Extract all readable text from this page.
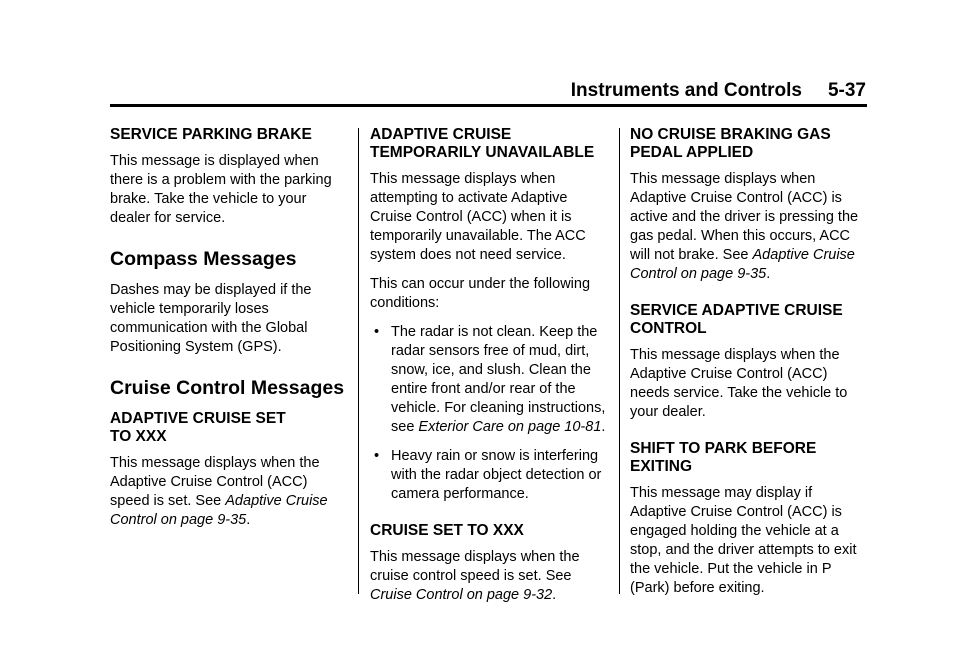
Instruments and Controls 5-37
SERVICE PARKING BRAKE

This message is displayed when there is a problem with the parking brake. Take the vehicle to your dealer for service.

Compass Messages

Dashes may be displayed if the vehicle temporarily loses communication with the Global Positioning System (GPS).

Cruise Control Messages
ADAPTIVE CRUISE SET
TO XXX

This message displays when the Adaptive Cruise Control (ACC) speed is set. See Adaptive Cruise Control on page 9-35.

ADAPTIVE CRUISE
TEMPORARILY UNAVAILABLE

This message displays when attempting to activate Adaptive Cruise Control (ACC) when it is temporarily unavailable. The ACC system does not need service.

This can occur under the following conditions:

• The radar is not clean. Keep the radar sensors free of mud, dirt, snow, ice, and slush. Clean the entire front and/or rear of the vehicle. For cleaning instructions, see Exterior Care on page 10-81.
• Heavy rain or snow is interfering with the radar object detection or camera performance.
CRUISE SET TO XXX

This message displays when the cruise control speed is set. See Cruise Control on page 9-32.

NO CRUISE BRAKING GAS
PEDAL APPLIED

This message displays when Adaptive Cruise Control (ACC) is active and the driver is pressing the gas pedal. When this occurs, ACC will not brake. See Adaptive Cruise Control on page 9-35.

SERVICE ADAPTIVE CRUISE
CONTROL

This message displays when the Adaptive Cruise Control (ACC) needs service. Take the vehicle to your dealer.

SHIFT TO PARK BEFORE
EXITING

This message may display if Adaptive Cruise Control (ACC) is engaged holding the vehicle at a stop, and the driver attempts to exit the vehicle. Put the vehicle in P (Park) before exiting.
